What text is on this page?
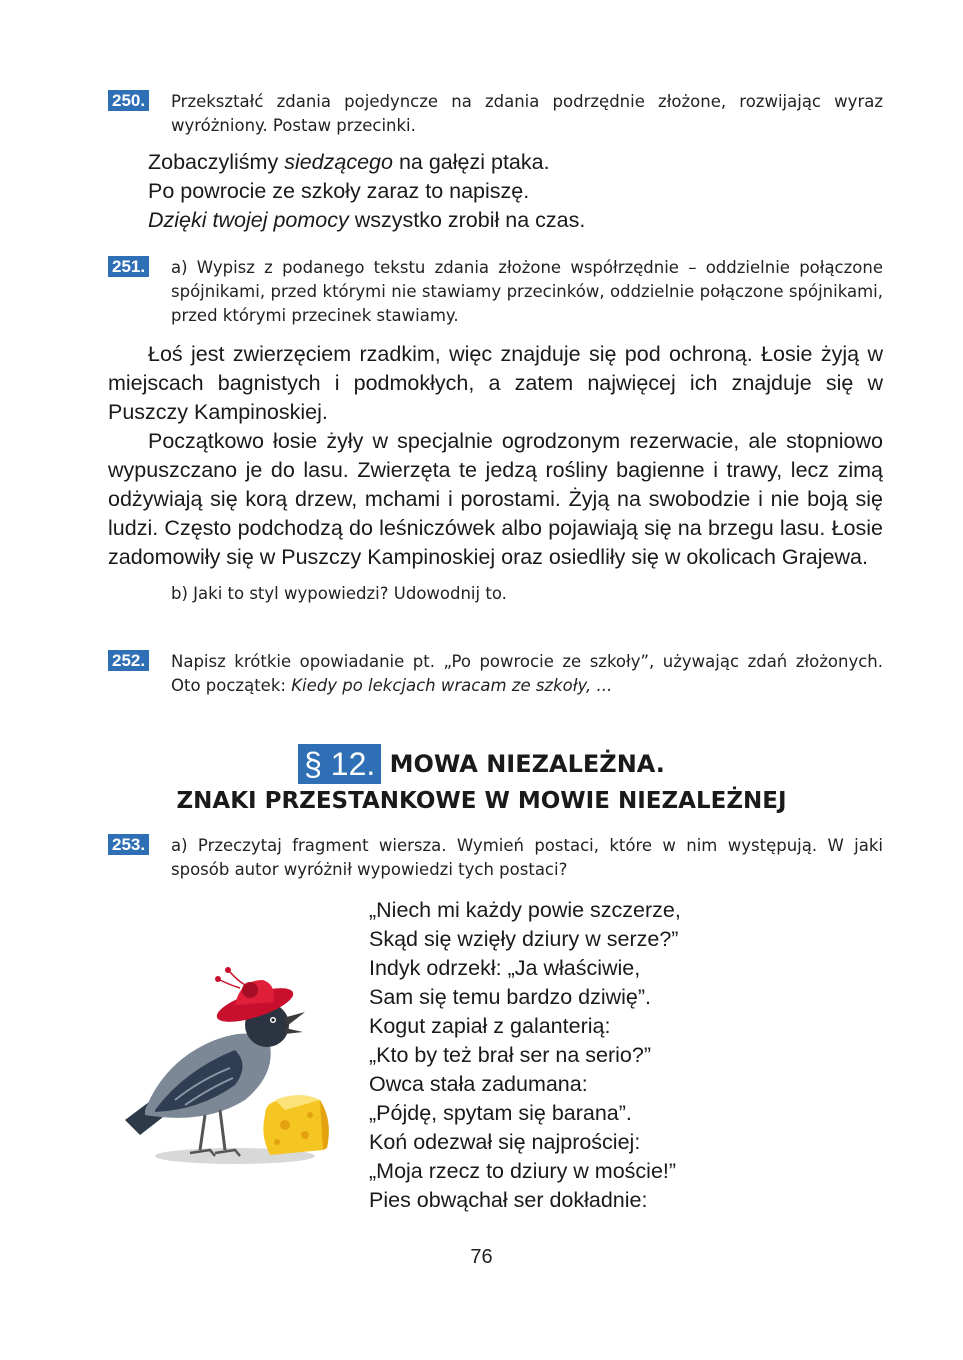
250. Przekształć zdania pojedyncze na zdania podrzędnie złożone, rozwijając wyraz wyróżniony. Postaw przecinki.
Zobaczyliśmy siedzącego na gałęzi ptaka.
Po powrocie ze szkoły zaraz to napiszę.
Dzięki twojej pomocy wszystko zrobił na czas.
251. a) Wypisz z podanego tekstu zdania złożone współrzędnie – oddzielnie połączone spójnikami, przed którymi nie stawiamy przecinków, oddzielnie połączone spójnikami, przed którymi przecinek stawiamy.
Łoś jest zwierzęciem rzadkim, więc znajduje się pod ochroną. Łosie żyją w miejscach bagnistych i podmokłych, a zatem najwięcej ich znajduje się w Puszczy Kampinoskiej.
Początkowo łosie żyły w specjalnie ogrodzonym rezerwacie, ale stopniowo wypuszczano je do lasu. Zwierzęta te jedzą rośliny bagienne i trawy, lecz zimą odżywiają się korą drzew, mchami i porostami. Żyją na swobodzie i nie boją się ludzi. Często podchodzą do leśniczówek albo pojawiają się na brzegu lasu. Łosie zadomowiły się w Puszczy Kampinoskiej oraz osiedliły się w okolicach Grajewa.
b) Jaki to styl wypowiedzi? Udowodnij to.
252. Napisz krótkie opowiadanie pt. „Po powrocie ze szkoły”, używając zdań złożonych. Oto początek: Kiedy po lekcjach wracam ze szkoły, ...
§ 12. MOWA NIEZALEŻNA.
ZNAKI PRZESTANKOWE W MOWIE NIEZALEŻNEJ
253. a) Przeczytaj fragment wiersza. Wymień postaci, które w nim występują. W jaki sposób autor wyróżnił wypowiedzi tych postaci?
„Niech mi każdy powie szczerze,
Skąd się wzięły dziury w serze?”
Indyk odrzekł: „Ja właściwie,
Sam się temu bardzo dziwię”.
Kogut zapiał z galanterią:
„Kto by też brał ser na serio?”
Owca stała zadumana:
„Pójdę, spytam się barana”.
Koń odezwał się najprościej:
„Moja rzecz to dziury w moście!”
Pies obwąchał ser dokładnie:
76
